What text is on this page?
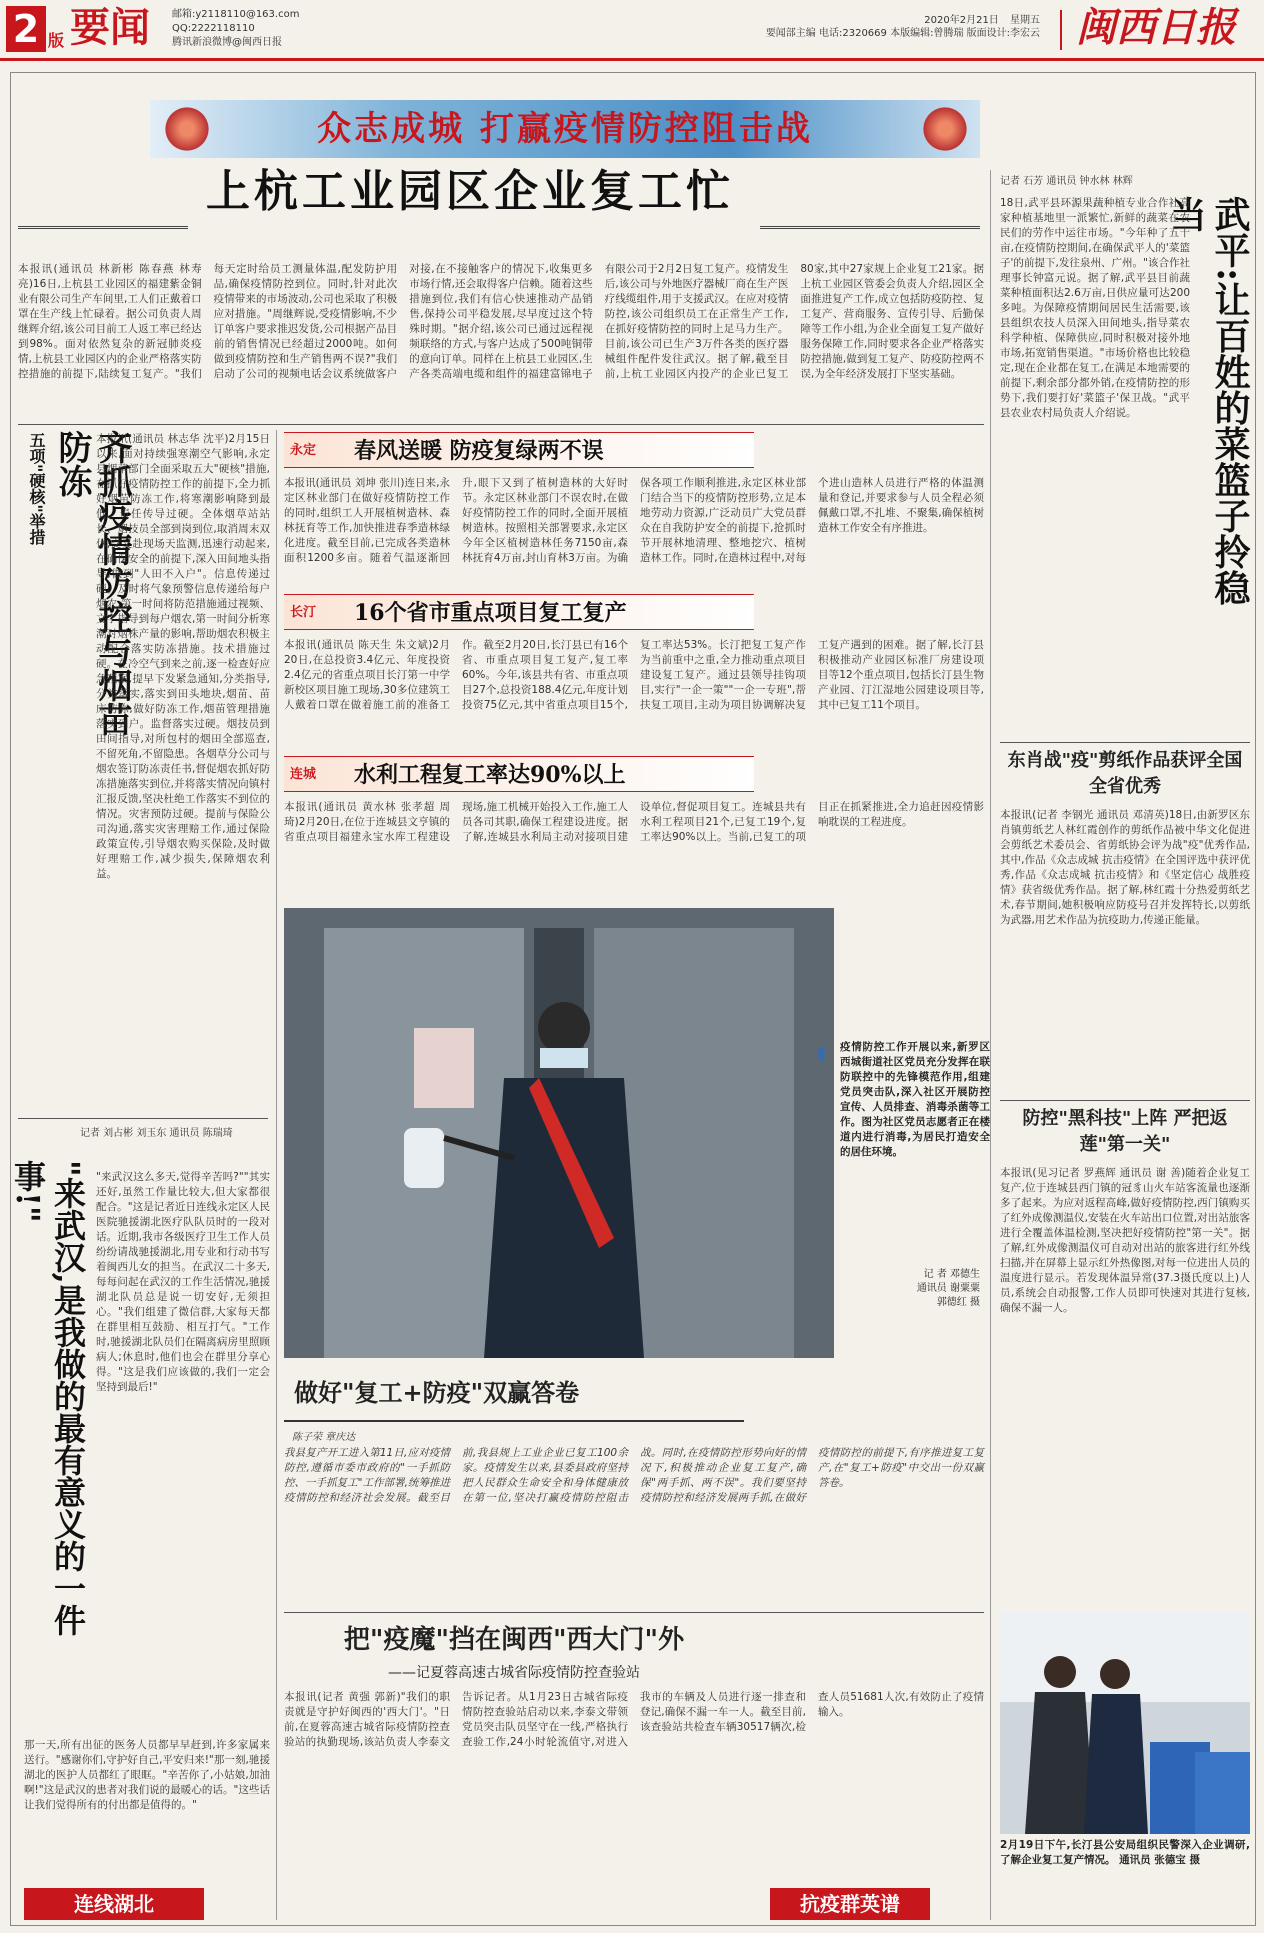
2 版 要闻 邮箱:y2118110@163.com
QQ:2222118110
腾讯新浪微博@闽西日报
2020年2月21日 星期五
要闻部主编 电话:2320669 本版编辑:曾腾瑞 版面设计:李宏云 闽西日报
众志成城 打赢疫情防控阻击战
上杭工业园区企业复工忙
本报讯(通讯员 林新彬 陈春燕 林寿亮)16日,上杭县工业园区的福建紫金铜业有限公司生产车间里,工人们正戴着口罩在生产线上忙碌着。据公司负责人周继辉介绍,该公司目前工人返工率已经达到98%。面对依然复杂的新冠肺炎疫情,上杭县工业园区内的企业严格落实防控措施的前提下,陆续复工复产。"我们每天定时给员工测量体温,配发防护用品,确保疫情防控到位。同时,针对此次疫情带来的市场波动,公司也采取了积极应对措施。"周继辉说,受疫情影响,不少订单客户要求推迟发货,公司根据产品目前的销售情况已经超过2000吨。如何做到疫情防控和生产销售两不误?"我们启动了公司的视频电话会议系统做客户对接,在不接触客户的情况下,收集更多市场行情,还会取得客户信赖。随着这些措施到位,我们有信心快速推动产品销售,保持公司平稳发展,尽早度过这个特殊时期。"据介绍,该公司已通过远程视频联络的方式,与客户达成了500吨铜带的意向订单。同样在上杭县工业园区,生产各类高端电缆和组件的福建富锦电子有限公司于2月2日复工复产。疫情发生后,该公司与外地医疗器械厂商在生产医疗线缆组件,用于支援武汉。在应对疫情防控,该公司组织员工在正常生产工作,在抓好疫情防控的同时上足马力生产。目前,该公司已生产3万件各类的医疗器械组件配件发往武汉。据了解,截至目前,上杭工业园区内投产的企业已复工80家,其中27家规上企业复工21家。据上杭工业园区管委会负责人介绍,园区全面推进复产工作,成立包括防疫防控、复工复产、营商服务、宣传引导、后勤保障等工作小组,为企业全面复工复产做好服务保障工作,同时要求各企业严格落实防控措施,做到复工复产、防疫防控两不误,为全年经济发展打下坚实基础。
五项"硬核"举措	齐抓疫情防控与烟苗防冻 本报讯(通讯员 林志华 沈平)2月15日以来,面对持续强寒潮空气影响,永定县烟草部门全面采取五大"硬核"措施,在抓好疫情防控工作的前提下,全力抓好烟苗防冻工作,将寒潮影响降到最低。责任传导过硬。全体烟草站站长、烟技员全部到岗到位,取消周末双休,交叉赴现场天监测,迅速行动起来,在确保安全的前提下,深入田间地头指导,做到"人田不入户"。信息传递过硬。及时将气象预警信息传递给每户烟农,第一时间将防范措施通过视频、文字指导到每户烟农,第一时间分析寒潮对烟株产量的影响,帮助烟农积极主动配合落实防冻措施。技术措施过硬。在冷空气到来之前,逐一检查好应急预案,提早下发紧急通知,分类指导,分类落实,落实到田头地块,烟苗、苗床防冻,做好防冻工作,烟苗管理措施落实到户。监督落实过硬。烟技员到田间指导,对所包村的烟田全部巡查,不留死角,不留隐患。各烟草分公司与烟农签订防冻责任书,督促烟农抓好防冻措施落实到位,并将落实情况向镇村汇报反馈,坚决杜绝工作落实不到位的情况。灾害预防过硬。提前与保险公司沟通,落实灾害理赔工作,通过保险政策宣传,引导烟农购买保险,及时做好理赔工作,减少损失,保障烟农利益。
记者 刘占彬 刘玉东 通讯员 陈瑞琦
"来武汉,是我做的最有意义的一件事!"	"来武汉这么多天,觉得辛苦吗?""其实还好,虽然工作量比较大,但大家都很配合。"这是记者近日连线永定区人民医院驰援湖北医疗队队员时的一段对话。近期,我市各级医疗卫生工作人员纷纷请战驰援湖北,用专业和行动书写着闽西儿女的担当。在武汉二十多天,每每问起在武汉的工作生活情况,驰援湖北队员总是说一切安好,无须担心。"我们组建了微信群,大家每天都在群里相互鼓励、相互打气。"工作时,驰援湖北队员们在隔离病房里照顾病人;休息时,他们也会在群里分享心得。"这是我们应该做的,我们一定会坚持到最后!"
那一天,所有出征的医务人员都早早赶到,许多家属来送行。"感谢你们,守护好自己,平安归来!"那一刻,驰援湖北的医护人员都红了眼眶。"辛苦你了,小姑娘,加油啊!"这是武汉的患者对我们说的最暖心的话。"这些话让我们觉得所有的付出都是值得的。"
连线湖北
永定 春风送暖 防疫复绿两不误
本报讯(通讯员 刘坤 张川)连日来,永定区林业部门在做好疫情防控工作的同时,组织工人开展植树造林、森林抚育等工作,加快推进春季造林绿化进度。截至目前,已完成各类造林面积1200多亩。随着气温逐渐回升,眼下又到了植树造林的大好时节。永定区林业部门不误农时,在做好疫情防控工作的同时,全面开展植树造林。按照相关部署要求,永定区今年全区植树造林任务7150亩,森林抚育4万亩,封山育林3万亩。为确保各项工作顺利推进,永定区林业部门结合当下的疫情防控形势,立足本地劳动力资源,广泛动员广大党员群众在自我防护安全的前提下,抢抓时节开展林地清理、整地挖穴、植树造林工作。同时,在造林过程中,对每个进山造林人员进行严格的体温测量和登记,并要求参与人员全程必须佩戴口罩,不扎堆、不聚集,确保植树造林工作安全有序推进。
长汀 16个省市重点项目复工复产
本报讯(通讯员 陈天生 朱文斌)2月20日,在总投资3.4亿元、年度投资2.4亿元的省重点项目长汀第一中学新校区项目施工现场,30多位建筑工人戴着口罩在做着施工前的准备工作。截至2月20日,长汀县已有16个省、市重点项目复工复产,复工率60%。今年,该县共有省、市重点项目27个,总投资188.4亿元,年度计划投资75亿元,其中省重点项目15个,复工率达53%。长汀把复工复产作为当前重中之重,全力推动重点项目建设复工复产。通过县领导挂钩项目,实行"一企一策""一企一专班",帮扶复工项目,主动为项目协调解决复工复产遇到的困难。据了解,长汀县积极推动产业园区标准厂房建设项目等12个重点项目,包括长汀县生物产业园、汀江湿地公园建设项目等,其中已复工11个项目。
连城 水利工程复工率达90%以上
本报讯(通讯员 黄水林 张孝超 周琦)2月20日,在位于连城县文亨镇的省重点项目福建永宝水库工程建设现场,施工机械开始投入工作,施工人员各司其职,确保工程建设进度。据了解,连城县水利局主动对接项目建设单位,督促项目复工。连城县共有水利工程项目21个,已复工19个,复工率达90%以上。当前,已复工的项目正在抓紧推进,全力追赶因疫情影响耽误的工程进度。
疫情防控工作开展以来,新罗区西城街道社区党员充分发挥在联防联控中的先锋模范作用,组建党员突击队,深入社区开展防控宣传、人员排查、消毒杀菌等工作。图为社区党员志愿者正在楼道内进行消毒,为居民打造安全的居住环境。
◖
记 者 邓德生
通讯员 谢粟粟
郭德红 摄
做好"复工+防疫"双赢答卷
陈子荣 章庆达
我县复产开工进入第11日,应对疫情防控,遵循市委市政府的"一手抓防控、一手抓复工"工作部署,统筹推进疫情防控和经济社会发展。截至目前,我县规上工业企业已复工100余家。疫情发生以来,县委县政府坚持把人民群众生命安全和身体健康放在第一位,坚决打赢疫情防控阻击战。同时,在疫情防控形势向好的情况下,积极推动企业复工复产,确保"两手抓、两不误"。我们要坚持疫情防控和经济发展两手抓,在做好疫情防控的前提下,有序推进复工复产,在"复工+防疫"中交出一份双赢答卷。
把"疫魔"挡在闽西"西大门"外
——记夏蓉高速古城省际疫情防控查验站
本报讯(记者 黄强 郭新)"我们的职责就是守护好闽西的'西大门'。"日前,在夏蓉高速古城省际疫情防控查验站的执勤现场,该站负责人李泰文告诉记者。从1月23日古城省际疫情防控查验站启动以来,李泰文带领党员突击队员坚守在一线,严格执行查验工作,24小时轮流值守,对进入我市的车辆及人员进行逐一排查和登记,确保不漏一车一人。截至目前,该查验站共检查车辆30517辆次,检查人员51681人次,有效防止了疫情输入。
抗疫群英谱
记者 石芳 通讯员 钟水林 林辉
武平:让百姓的菜篮子拎稳当
18日,武平县环源果蔬种植专业合作社高家种植基地里一派繁忙,新鲜的蔬菜在农民们的劳作中运往市场。"今年种了五十亩,在疫情防控期间,在确保武平人的'菜篮子'的前提下,发往泉州、广州。"该合作社理事长钟富元说。据了解,武平县目前蔬菜种植面积达2.6万亩,日供应量可达200多吨。为保障疫情期间居民生活需要,该县组织农技人员深入田间地头,指导菜农科学种植、保障供应,同时积极对接外地市场,拓宽销售渠道。"市场价格也比较稳定,现在企业都在复工,在满足本地需要的前提下,剩余部分都外销,在疫情防控的形势下,我们要打好'菜篮子'保卫战。"武平县农业农村局负责人介绍说。
东肖战"疫"剪纸作品获评全国全省优秀
本报讯(记者 李钢光 通讯员 邓清英)18日,由新罗区东肖镇剪纸艺人林红霞创作的剪纸作品被中华文化促进会剪纸艺术委员会、省剪纸协会评为战"疫"优秀作品,其中,作品《众志成城 抗击疫情》在全国评选中获评优秀,作品《众志成城 抗击疫情》和《坚定信心 战胜疫情》获省级优秀作品。据了解,林红霞十分热爱剪纸艺术,春节期间,她积极响应防疫号召并发挥特长,以剪纸为武器,用艺术作品为抗疫助力,传递正能量。
防控"黑科技"上阵 严把返莲"第一关"
本报讯(见习记者 罗燕辉 通讯员 谢 善)随着企业复工复产,位于连城县西门镇的冠豸山火车站客流量也逐渐多了起来。为应对返程高峰,做好疫情防控,西门镇购买了红外成像测温仪,安装在火车站出口位置,对出站旅客进行全覆盖体温检测,坚决把好疫情防控"第一关"。据了解,红外成像测温仪可自动对出站的旅客进行红外线扫描,并在屏幕上显示红外热像图,对每一位进出人员的温度进行显示。若发现体温异常(37.3摄氏度以上)人员,系统会自动报警,工作人员即可快速对其进行复核,确保不漏一人。
2月19日下午,长汀县公安局组织民警深入企业调研,了解企业复工复产情况。 通讯员 张德宝 摄
